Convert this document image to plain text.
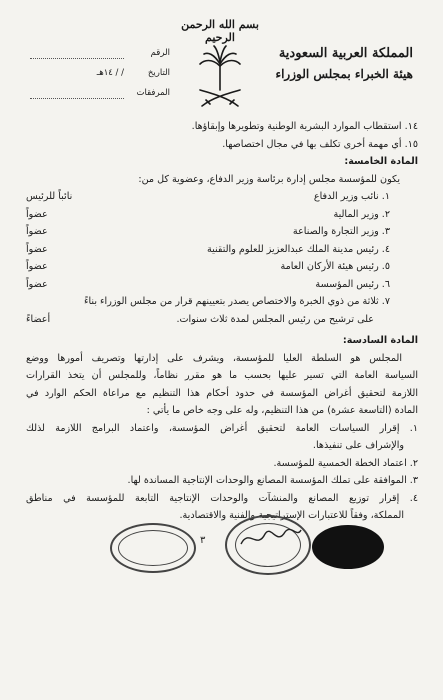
بسم الله الرحمن الرحيم
المملكة العربية السعودية
هيئة الخبراء بمجلس الوزراء
الرقم
التاريخ
/ / ١٤هـ
المرفقات
١٤. استقطاب الموارد البشرية الوطنية وتطويرها وإبقاؤها.
١٥. أي مهمة أخرى تكلف بها في مجال اختصاصها.
المادة الخامسة:
يكون للمؤسسة مجلس إدارة برئاسة وزير الدفاع، وعضوية كل من:
١. نائب وزير الدفاع
نائباً للرئيس
٢. وزير المالية
عضواً
٣. وزير التجارة والصناعة
عضواً
٤. رئيس مدينة الملك عبدالعزيز للعلوم والتقنية
عضواً
٥. رئيس هيئة الأركان العامة
عضواً
٦. رئيس المؤسسة
عضواً
٧. ثلاثة من ذوي الخبرة والاختصاص يصدر بتعيينهم قرار من مجلس الوزراء بناءً
على ترشيح من رئيس المجلس لمدة ثلاث سنوات.
أعضاءً
المادة السادسة:
المجلس هو السلطة العليا للمؤسسة، ويشرف على إدارتها وتصريف أمورها ووضع
السياسة العامة التي تسير عليها بحسب ما هو مقرر نظاماً، وللمجلس أن يتخذ القرارات
اللازمة لتحقيق أغراض المؤسسة في حدود أحكام هذا التنظيم مع مراعاة الحكم الوارد في
المادة (التاسعة عشرة) من هذا التنظيم، وله على وجه خاص ما يأتي :
١. إقرار السياسات العامة لتحقيق أغراض المؤسسة، واعتماد البرامج اللازمة لذلك
والإشراف على تنفيذها.
٢. اعتماد الخطة الخمسية للمؤسسة.
٣. الموافقة على تملك المؤسسة المصانع والوحدات الإنتاجية المساندة لها.
٤. إقرار توزيع المصانع والمنشآت والوحدات الإنتاجية التابعة للمؤسسة في مناطق
المملكة، وفقاً للاعتبارات الإستراتيجية والفنية والاقتصادية.
٣
